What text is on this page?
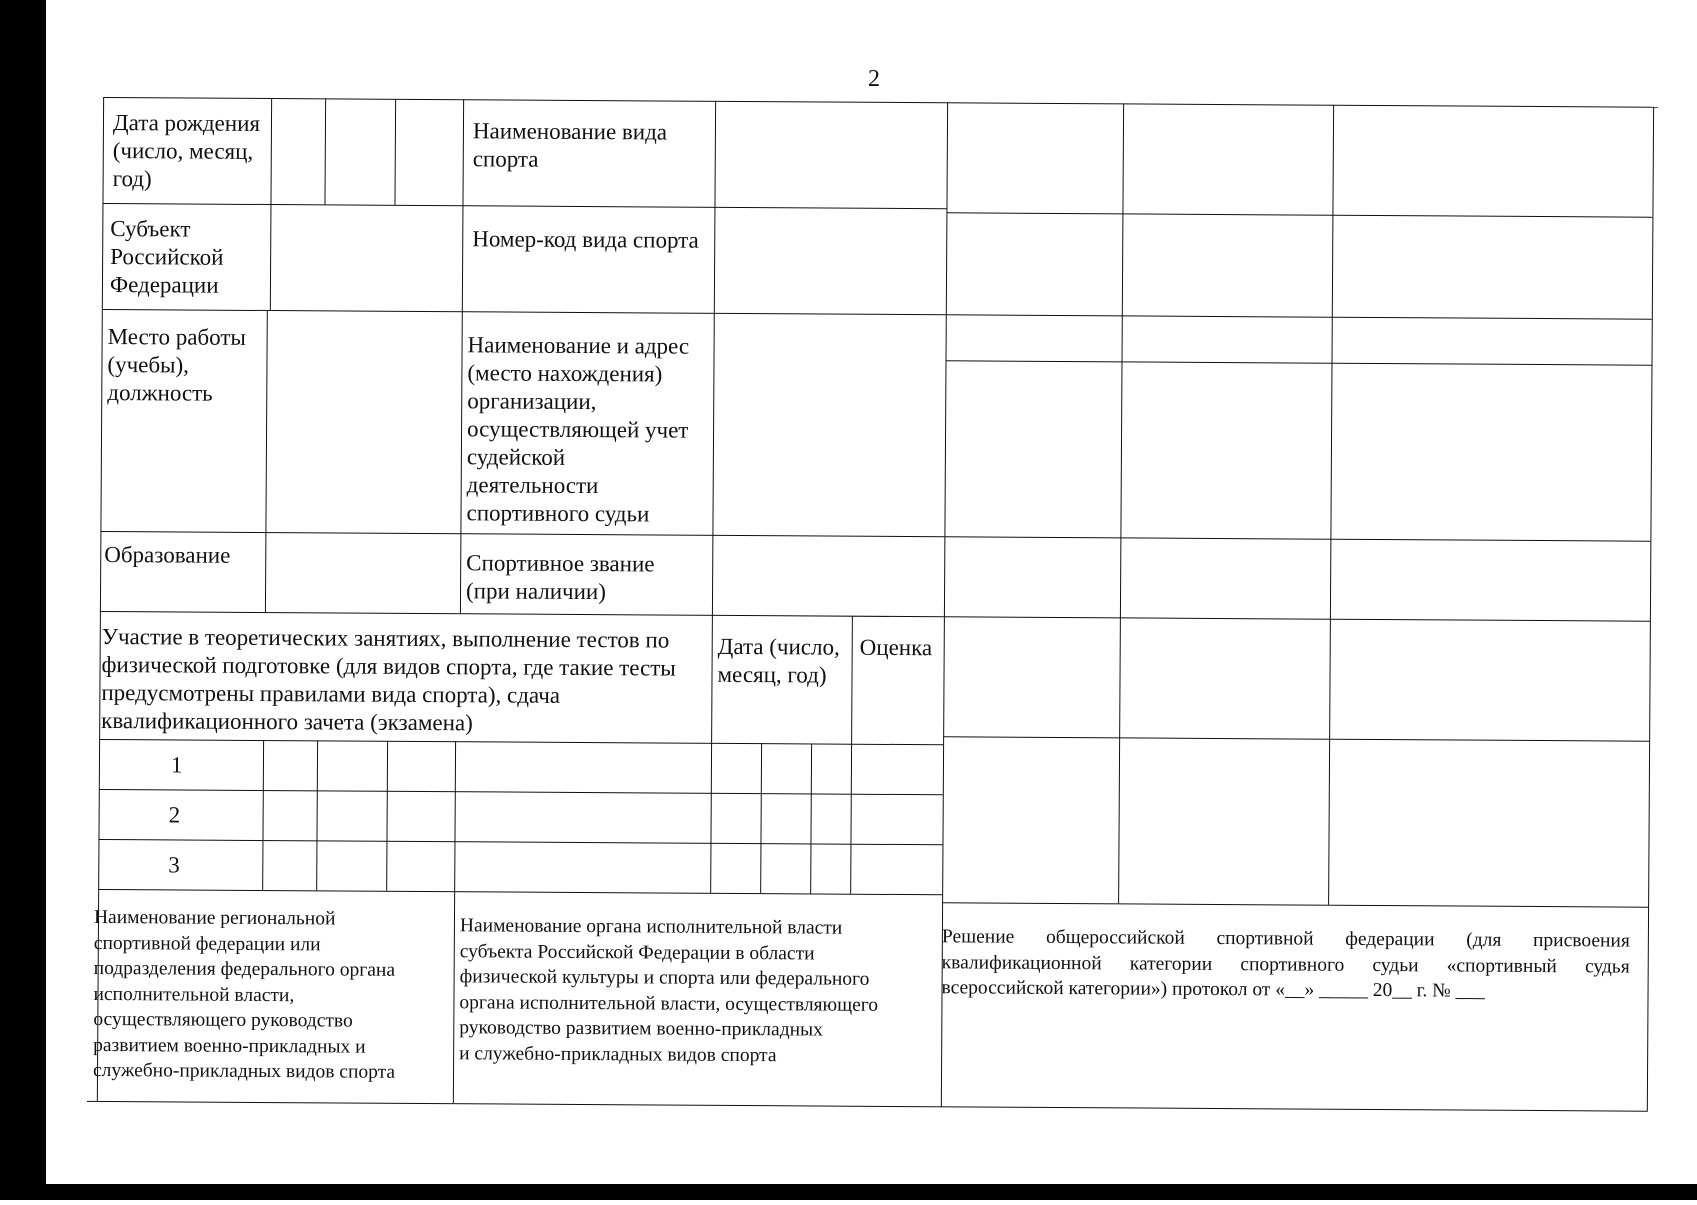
2
Дата рождения
(число, месяц,
год)
Наименование вида
спорта
Субъект
Российской
Федерации
Номер-код вида спорта
Место работы
(учебы),
должность
Наименование и адрес
(место нахождения)
организации,
осуществляющей учет
судейской
деятельности
спортивного судьи
Образование	Спортивное звание
(при наличии)
Участие в теоретических занятиях, выполнение тестов по
физической подготовке (для видов спорта, где такие тесты
предусмотрены правилами вида спорта), сдача
квалификационного зачета (экзамена)
Дата (число,
месяц, год)
Оценка
1
2
3
Наименование региональной
спортивной федерации или
подразделения федерального органа
исполнительной власти,
осуществляющего руководство
развитием военно-прикладных и
служебно-прикладных видов спорта
Наименование органа исполнительной власти
субъекта Российской Федерации в области
физической культуры и спорта или федерального
органа исполнительной власти, осуществляющего
руководство развитием военно-прикладных
и служебно-прикладных видов спорта
Решение общероссийской спортивной федерации (для присвоения квалификационной категории спортивного судьи «спортивный судья всероссийской категории») протокол от «__» _____ 20__ г. № ___
